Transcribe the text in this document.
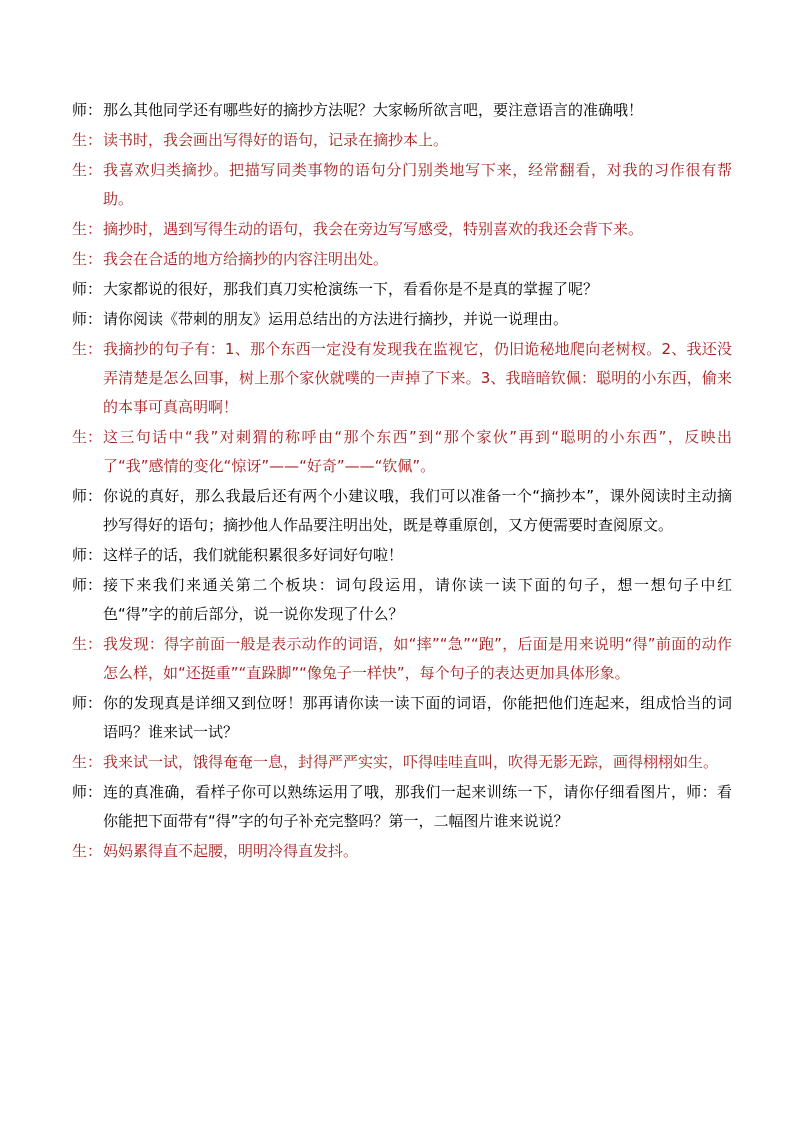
师： 那么其他同学还有哪些好的摘抄方法呢？大家畅所欲言吧，要注意语言的准确哦！
生： 读书时，我会画出写得好的语句，记录在摘抄本上。
生： 我喜欢归类摘抄。把描写同类事物的语句分门别类地写下来，经常翻看，对我的习作很有帮助。
生： 摘抄时，遇到写得生动的语句，我会在旁边写写感受，特别喜欢的我还会背下来。
生： 我会在合适的地方给摘抄的内容注明出处。
师： 大家都说的很好，那我们真刀实枪演练一下，看看你是不是真的掌握了呢？
师： 请你阅读《带刺的朋友》运用总结出的方法进行摘抄，并说一说理由。
生： 我摘抄的句子有：1、那个东西一定没有发现我在监视它，仍旧诡秘地爬向老树杈。2、我还没弄清楚是怎么回事，树上那个家伙就噗的一声掉了下来。3、我暗暗钦佩：聪明的小东西，偷来的本事可真高明啊！
生： 这三句话中“我”对刺猬的称呼由“那个东西”到“那个家伙”再到“聪明的小东西”，反映出了“我”感情的变化“惊讶”——“好奇”——“钦佩”。
师： 你说的真好，那么我最后还有两个小建议哦，我们可以准备一个“摘抄本”，课外阅读时主动摘抄写得好的语句；摘抄他人作品要注明出处，既是尊重原创，又方便需要时查阅原文。
师： 这样子的话，我们就能积累很多好词好句啦！
师： 接下来我们来通关第二个板块：词句段运用，请你读一读下面的句子，想一想句子中红色“得”字的前后部分，说一说你发现了什么？
生： 我发现：得字前面一般是表示动作的词语，如“摔”“急”“跑”，后面是用来说明“得”前面的动作怎么样，如“还挺重”“直跺脚”“像兔子一样快”，每个句子的表达更加具体形象。
师： 你的发现真是详细又到位呀！那再请你读一读下面的词语，你能把他们连起来，组成恰当的词语吗？谁来试一试？
生： 我来试一试，饿得奄奄一息，封得严严实实，吓得哇哇直叫，吹得无影无踪，画得栩栩如生。
师： 连的真准确，看样子你可以熟练运用了哦，那我们一起来训练一下，请你仔细看图片，师：看你能把下面带有“得”字的句子补充完整吗？第一，二幅图片谁来说说？
生： 妈妈累得直不起腰，明明冷得直发抖。
